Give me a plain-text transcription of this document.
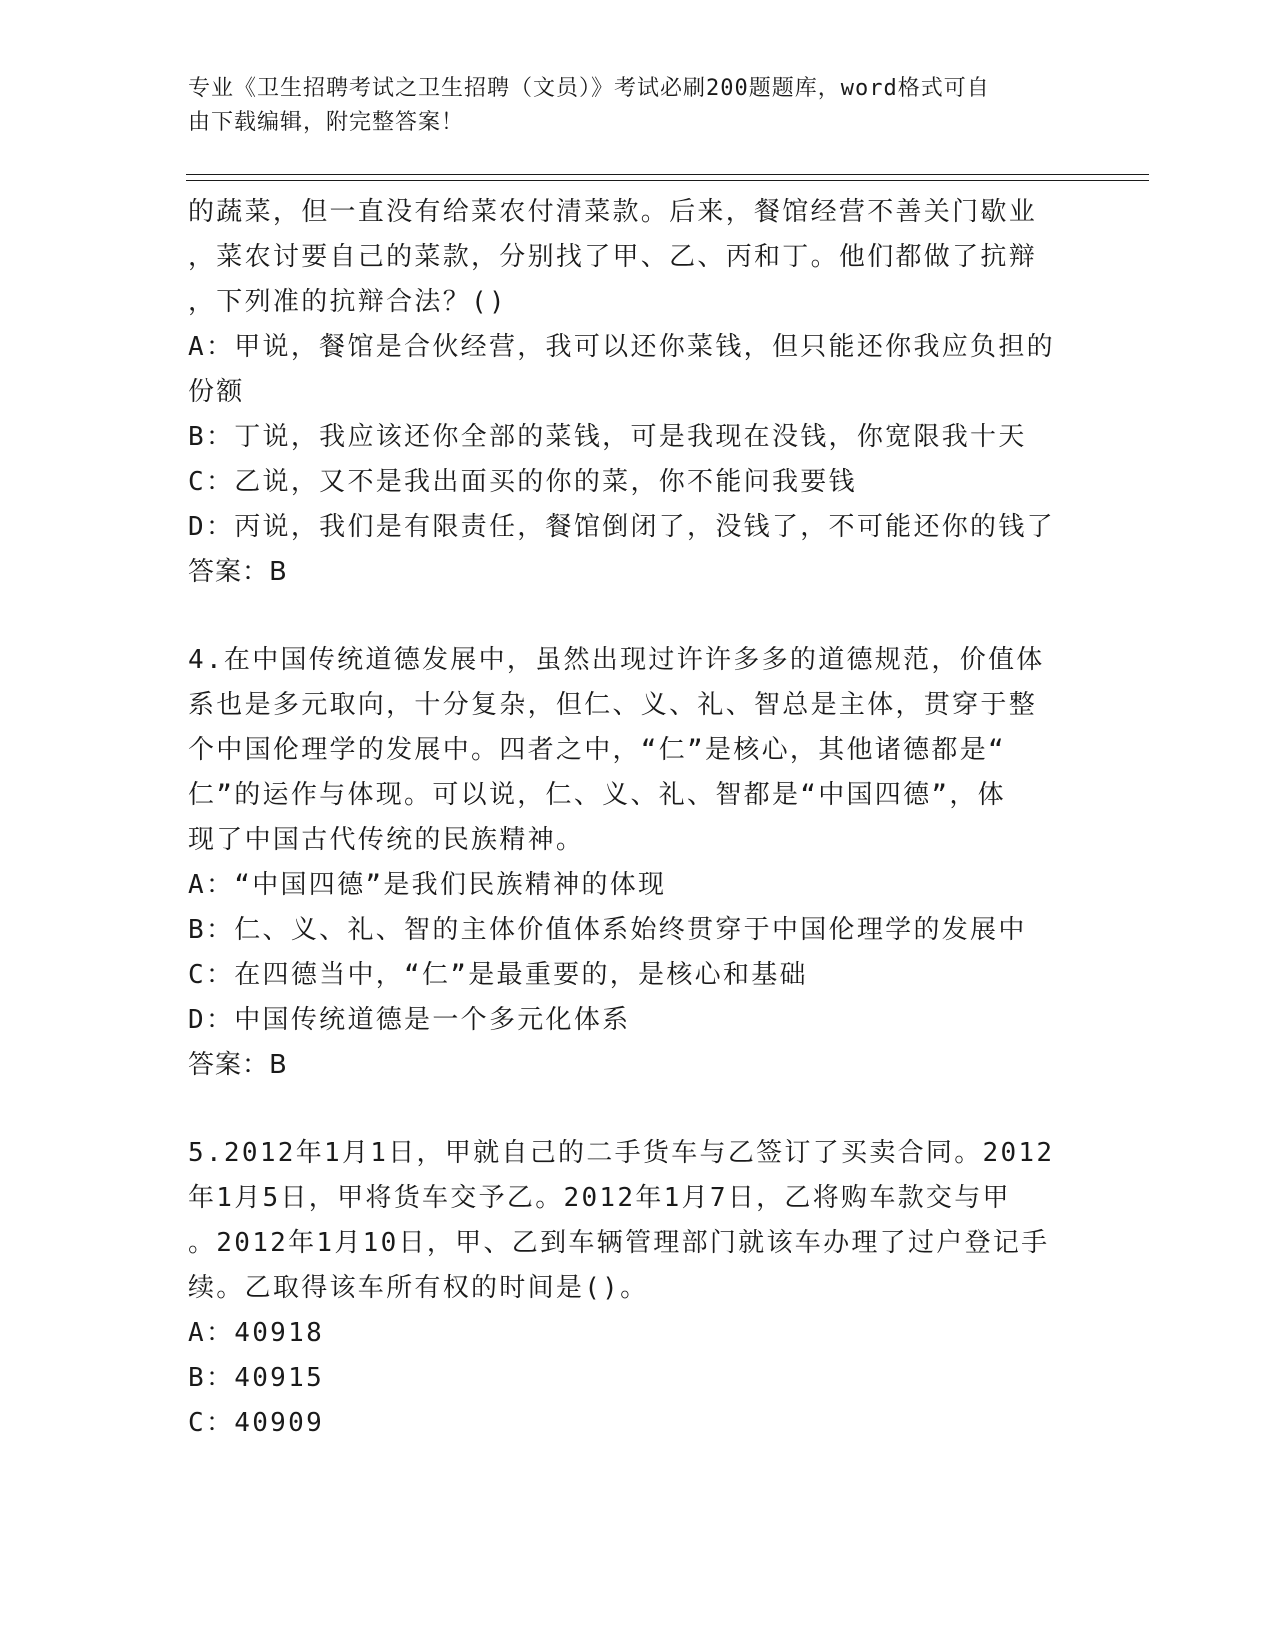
专业《卫生招聘考试之卫生招聘（文员）》考试必刷200题题库，word格式可自
由下载编辑，附完整答案！
的蔬菜，但一直没有给菜农付清菜款。后来，餐馆经营不善关门歇业
，菜农讨要自己的菜款，分别找了甲、乙、丙和丁。他们都做了抗辩
，下列准的抗辩合法？()
A：甲说，餐馆是合伙经营，我可以还你菜钱，但只能还你我应负担的
份额
B：丁说，我应该还你全部的菜钱，可是我现在没钱，你宽限我十天
C：乙说，又不是我出面买的你的菜，你不能问我要钱
D：丙说，我们是有限责任，餐馆倒闭了，没钱了，不可能还你的钱了
答案：B
4.在中国传统道德发展中，虽然出现过许许多多的道德规范，价值体
系也是多元取向，十分复杂，但仁、义、礼、智总是主体，贯穿于整
个中国伦理学的发展中。四者之中，“仁”是核心，其他诸德都是“
仁”的运作与体现。可以说，仁、义、礼、智都是“中国四德”，体
现了中国古代传统的民族精神。
A：“中国四德”是我们民族精神的体现
B：仁、义、礼、智的主体价值体系始终贯穿于中国伦理学的发展中
C：在四德当中，“仁”是最重要的，是核心和基础
D：中国传统道德是一个多元化体系
答案：B
5.2012年1月1日，甲就自己的二手货车与乙签订了买卖合同。2012
年1月5日，甲将货车交予乙。2012年1月7日，乙将购车款交与甲
。2012年1月10日，甲、乙到车辆管理部门就该车办理了过户登记手
续。乙取得该车所有权的时间是()。
A：40918
B：40915
C：40909
